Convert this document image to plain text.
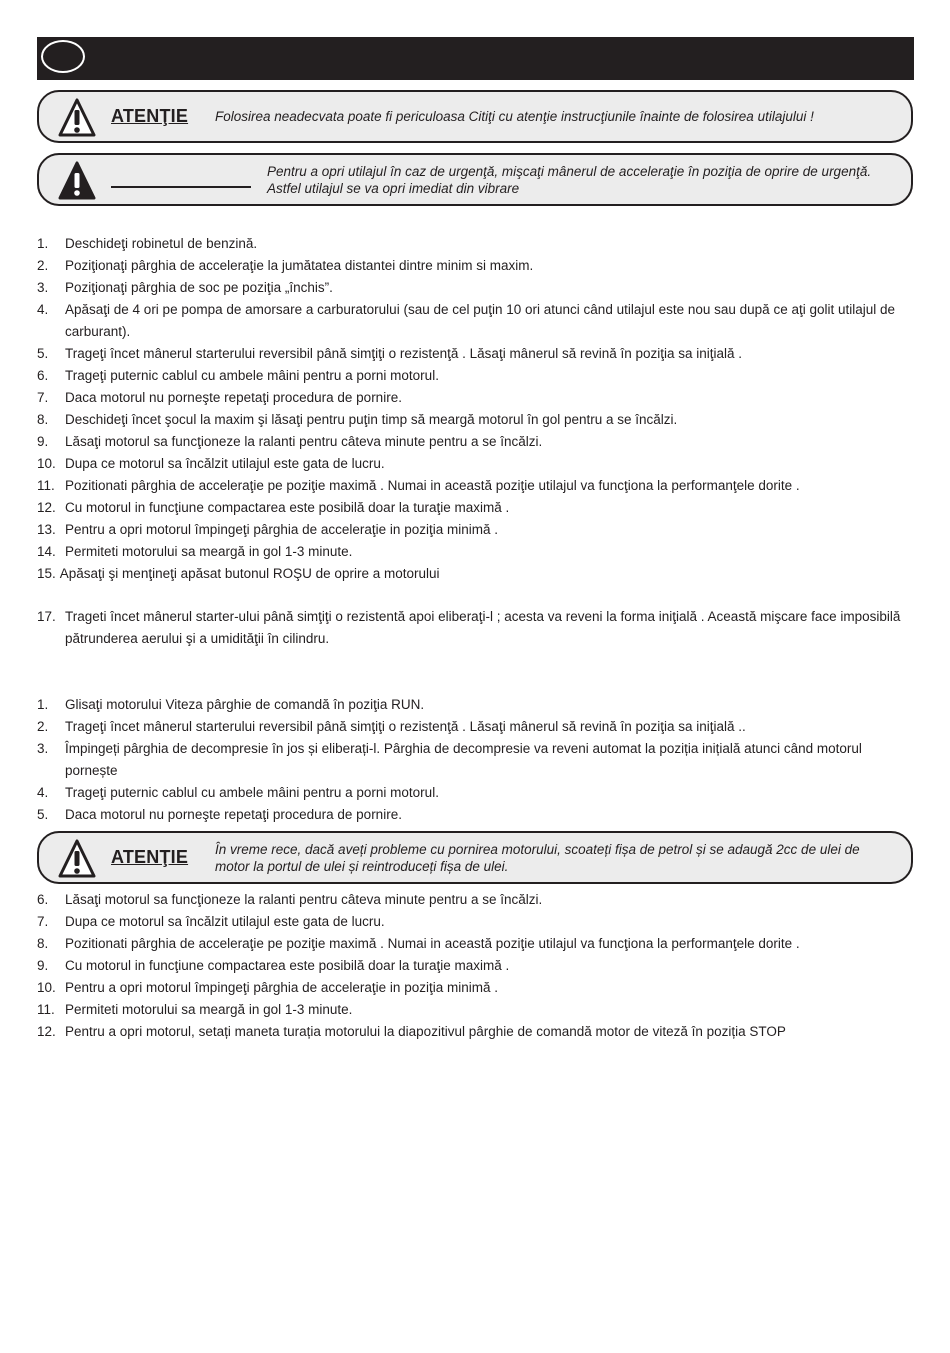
ATENŢIE Folosirea neadecvata poate fi periculoasa Citiţi cu atenţie instrucţiunile înainte de folosirea utilajului !
Pentru a opri utilajul în caz de urgenţă, mişcaţi mânerul de acceleraţie în poziţia de oprire de urgenţă. Astfel utilajul se va opri imediat din vibrare
1.	Deschideţi robinetul de benzină.
2.	Poziţionaţi pârghia de acceleraţie la jumătatea distantei dintre minim si maxim.
3.	Poziţionaţi pârghia de soc pe poziţia „închis”.
4.	Apăsaţi de 4 ori pe pompa de amorsare a carburatorului (sau de cel puţin 10 ori atunci când utilajul este nou sau după ce aţi golit utilajul de carburant).
5.	Trageţi încet mânerul starterului reversibil până simţiţi o rezistenţă . Lăsaţi mânerul să revină în poziţia sa iniţială .
6.	Trageţi puternic cablul cu ambele mâini pentru a porni motorul.
7.	Daca motorul nu porneşte repetaţi procedura de pornire.
8.	Deschideţi încet şocul la maxim şi lăsaţi pentru puţin timp să meargă motorul în gol pentru a se încălzi.
9.	Lăsaţi motorul sa funcţioneze la ralanti pentru câteva minute pentru a se încălzi.
10. Dupa ce motorul sa încălzit utilajul este gata de lucru.
11. Pozitionati pârghia de acceleraţie pe poziţie maximă . Numai in această poziţie utilajul va funcţiona la performanţele dorite .
12. Cu motorul in funcţiune compactarea este posibilă doar la turaţie maximă .
13. Pentru a opri motorul împingeţi pârghia de acceleraţie in poziţia minimă .
14. Permiteti motorului sa meargă in gol 1-3 minute.
15. Apăsaţi şi menţineţi apăsat butonul ROŞU de oprire a motorului
17. Trageti încet mânerul starter-ului până simţiţi o rezistentă apoi eliberaţi-l ; acesta va reveni la forma iniţială . Această mişcare face imposibilă pătrunderea aerului şi a umidităţii în cilindru.
1.	Glisaţi motorului Viteza pârghie de comandă în poziţia RUN.
2.	Trageţi încet mânerul starterului reversibil până simţiţi o rezistenţă . Lăsaţi mânerul să revină în poziţia sa iniţială ..
3.	Împingeți pârghia de decompresie în jos și eliberați-l. Pârghia de decompresie va reveni automat la poziția inițială atunci când motorul pornește
4.	Trageţi puternic cablul cu ambele mâini pentru a porni motorul.
5.	Daca motorul nu porneşte repetaţi procedura de pornire.
ATENŢIE În vreme rece, dacă aveți probleme cu pornirea motorului, scoateți fișa de petrol și se adaugă 2cc de ulei de motor la portul de ulei și reintroduceți fișa de ulei.
6.	Lăsaţi motorul sa funcţioneze la ralanti pentru câteva minute pentru a se încălzi.
7.	Dupa ce motorul sa încălzit utilajul este gata de lucru.
8.	Pozitionati pârghia de acceleraţie pe poziţie maximă . Numai in această poziţie utilajul va funcţiona la performanţele dorite .
9.	Cu motorul in funcţiune compactarea este posibilă doar la turaţie maximă .
10. Pentru a opri motorul împingeţi pârghia de acceleraţie in poziţia minimă .
11. Permiteti motorului sa meargă in gol 1-3 minute.
12. Pentru a opri motorul, setați maneta turația motorului la diapozitivul pârghie de comandă motor de viteză în poziția STOP
